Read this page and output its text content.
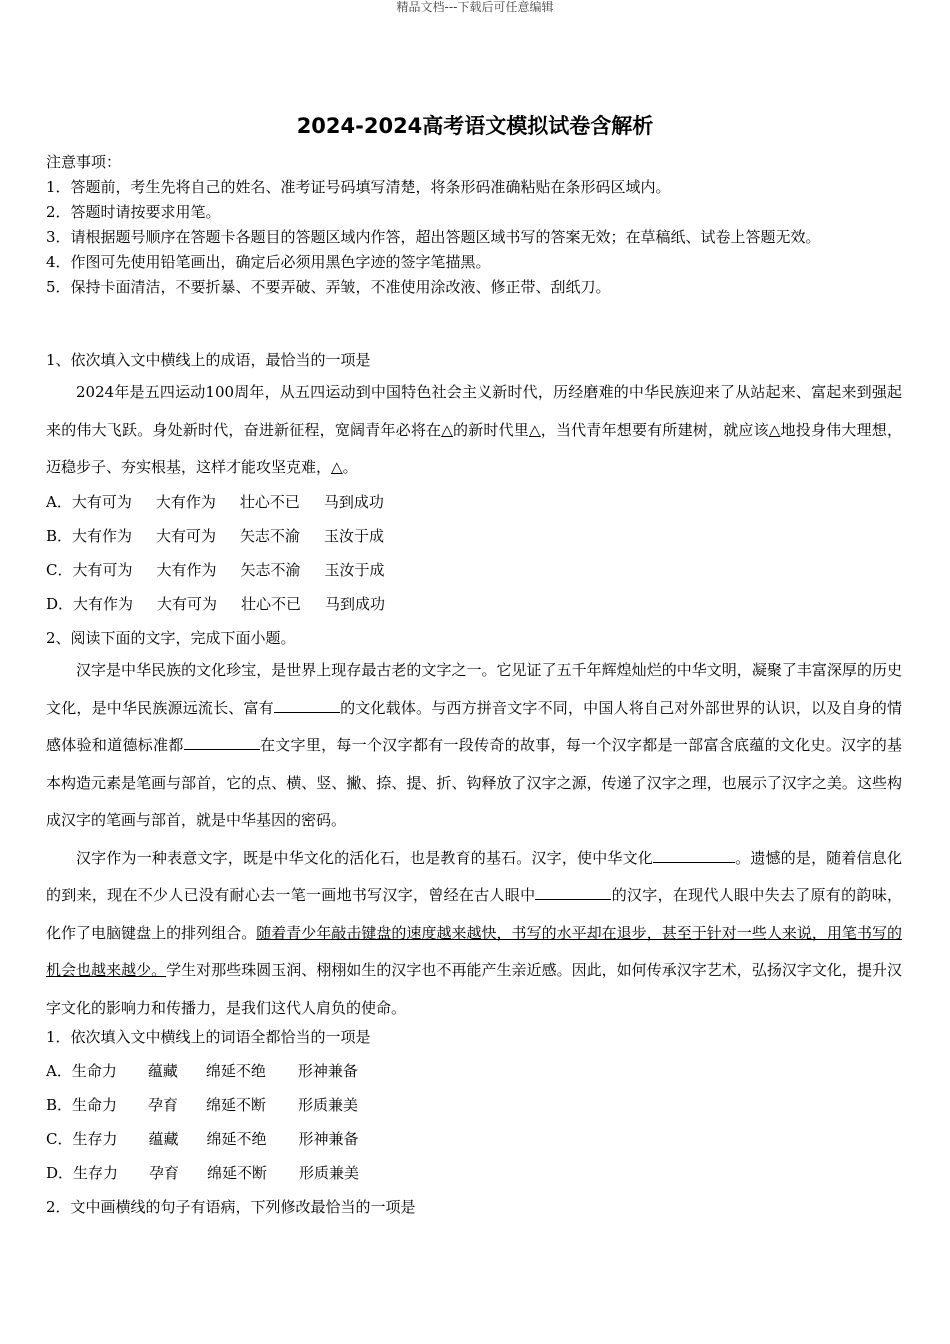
精品文档---下载后可任意编辑
2024-2024高考语文模拟试卷含解析
注意事项：
1．答题前，考生先将自己的姓名、准考证号码填写清楚，将条形码准确粘贴在条形码区域内。
2．答题时请按要求用笔。
3．请根据题号顺序在答题卡各题目的答题区域内作答，超出答题区域书写的答案无效；在草稿纸、试卷上答题无效。
4．作图可先使用铅笔画出，确定后必须用黑色字迹的签字笔描黑。
5．保持卡面清洁，不要折暴、不要弄破、弄皱，不准使用涂改液、修正带、刮纸刀。
1、依次填入文中横线上的成语，最恰当的一项是

2024年是五四运动100周年，从五四运动到中国特色社会主义新时代，历经磨难的中华民族迎来了从站起来、富起来到强起来的伟大飞跃。身处新时代，奋进新征程，宽阔青年必将在△的新时代里△，当代青年想要有所建树，就应该△地投身伟大理想，迈稳步子、夯实根基，这样才能攻坚克难，△。

A．大有可为 大有作为 壮心不已 马到成功
B．大有作为 大有可为 矢志不渝 玉汝于成
C．大有可为 大有作为 矢志不渝 玉汝于成
D．大有作为 大有可为 壮心不已 马到成功
2、阅读下面的文字，完成下面小题。

汉字是中华民族的文化珍宝，是世界上现存最古老的文字之一。它见证了五千年辉煌灿烂的中华文明，凝聚了丰富深厚的历史文化，是中华民族源远流长、富有	的文化载体。与西方拼音文字不同，中国人将自己对外部世界的认识，以及自身的情感体验和道德标准都	在文字里，每一个汉字都有一段传奇的故事，每一个汉字都是一部富含底蕴的文化史。汉字的基本构造元素是笔画与部首，它的点、横、竖、撇、捺、提、折、钩释放了汉字之源，传递了汉字之理，也展示了汉字之美。这些构成汉字的笔画与部首，就是中华基因的密码。

汉字作为一种表意文字，既是中华文化的活化石，也是教育的基石。汉字，使中华文化	。遗憾的是，随着信息化的到来，现在不少人已没有耐心去一笔一画地书写汉字，曾经在古人眼中	的汉字，在现代人眼中失去了原有的韵味，化作了电脑键盘上的排列组合。随着青少年敲击键盘的速度越来越快，书写的水平却在退步，甚至于针对一些人来说，用笔书写的机会也越来越少。学生对那些珠圆玉润、栩栩如生的汉字也不再能产生亲近感。因此，如何传承汉字艺术，弘扬汉字文化，提升汉字文化的影响力和传播力，是我们这代人肩负的使命。

1．依次填入文中横线上的词语全都恰当的一项是
A．生命力 蕴藏 绵延不绝 形神兼备
B．生命力 孕育 绵延不断 形质兼美
C．生存力 蕴藏 绵延不绝 形神兼备
D．生存力 孕育 绵延不断 形质兼美
2．文中画横线的句子有语病，下列修改最恰当的一项是
